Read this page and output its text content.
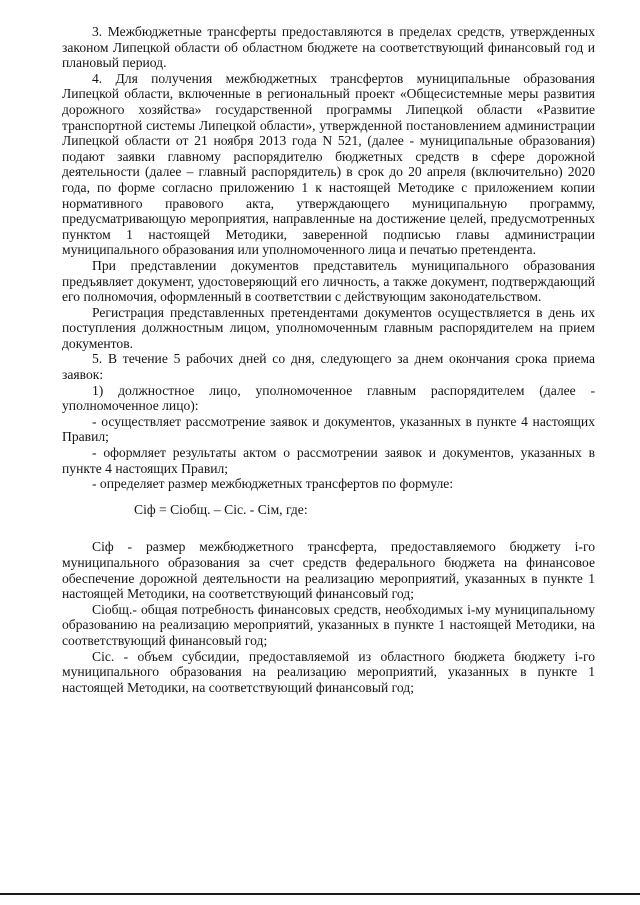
3. Межбюджетные трансферты предоставляются в пределах средств, утвержденных законом Липецкой области об областном бюджете на соответствующий финансовый год и плановый период.

4. Для получения межбюджетных трансфертов муниципальные образования Липецкой области, включенные в региональный проект «Общесистемные меры развития дорожного хозяйства» государственной программы Липецкой области «Развитие транспортной системы Липецкой области», утвержденной постановлением администрации Липецкой области от 21 ноября 2013 года N 521, (далее - муниципальные образования) подают заявки главному распорядителю бюджетных средств в сфере дорожной деятельности (далее – главный распорядитель) в срок до 20 апреля (включительно) 2020 года, по форме согласно приложению 1 к настоящей Методике с приложением копии нормативного правового акта, утверждающего муниципальную программу, предусматривающую мероприятия, направленные на достижение целей, предусмотренных пунктом 1 настоящей Методики, заверенной подписью главы администрации муниципального образования или уполномоченного лица и печатью претендента.

При представлении документов представитель муниципального образования предъявляет документ, удостоверяющий его личность, а также документ, подтверждающий его полномочия, оформленный в соответствии с действующим законодательством.

Регистрация представленных претендентами документов осуществляется в день их поступления должностным лицом, уполномоченным главным распорядителем на прием документов.

5. В течение 5 рабочих дней со дня, следующего за днем окончания срока приема заявок:

1) должностное лицо, уполномоченное главным распорядителем (далее - уполномоченное лицо):

- осуществляет рассмотрение заявок и документов, указанных в пункте 4 настоящих Правил;

- оформляет результаты актом о рассмотрении заявок и документов, указанных в пункте 4 настоящих Правил;

- определяет размер межбюджетных трансфертов по формуле:

Ciф = Ciобщ. – Ciс. - Ciм, где:

Ciф - размер межбюджетного трансферта, предоставляемого бюджету i-го муниципального образования за счет средств федерального бюджета на финансовое обеспечение дорожной деятельности на реализацию мероприятий, указанных в пункте 1 настоящей Методики, на соответствующий финансовый год;

Ciобщ.- общая потребность финансовых средств, необходимых i-му муниципальному образованию на реализацию мероприятий, указанных в пункте 1 настоящей Методики, на соответствующий финансовый год;

Ciс. - объем субсидии, предоставляемой из областного бюджета бюджету i-го муниципального образования на реализацию мероприятий, указанных в пункте 1 настоящей Методики, на соответствующий финансовый год;
